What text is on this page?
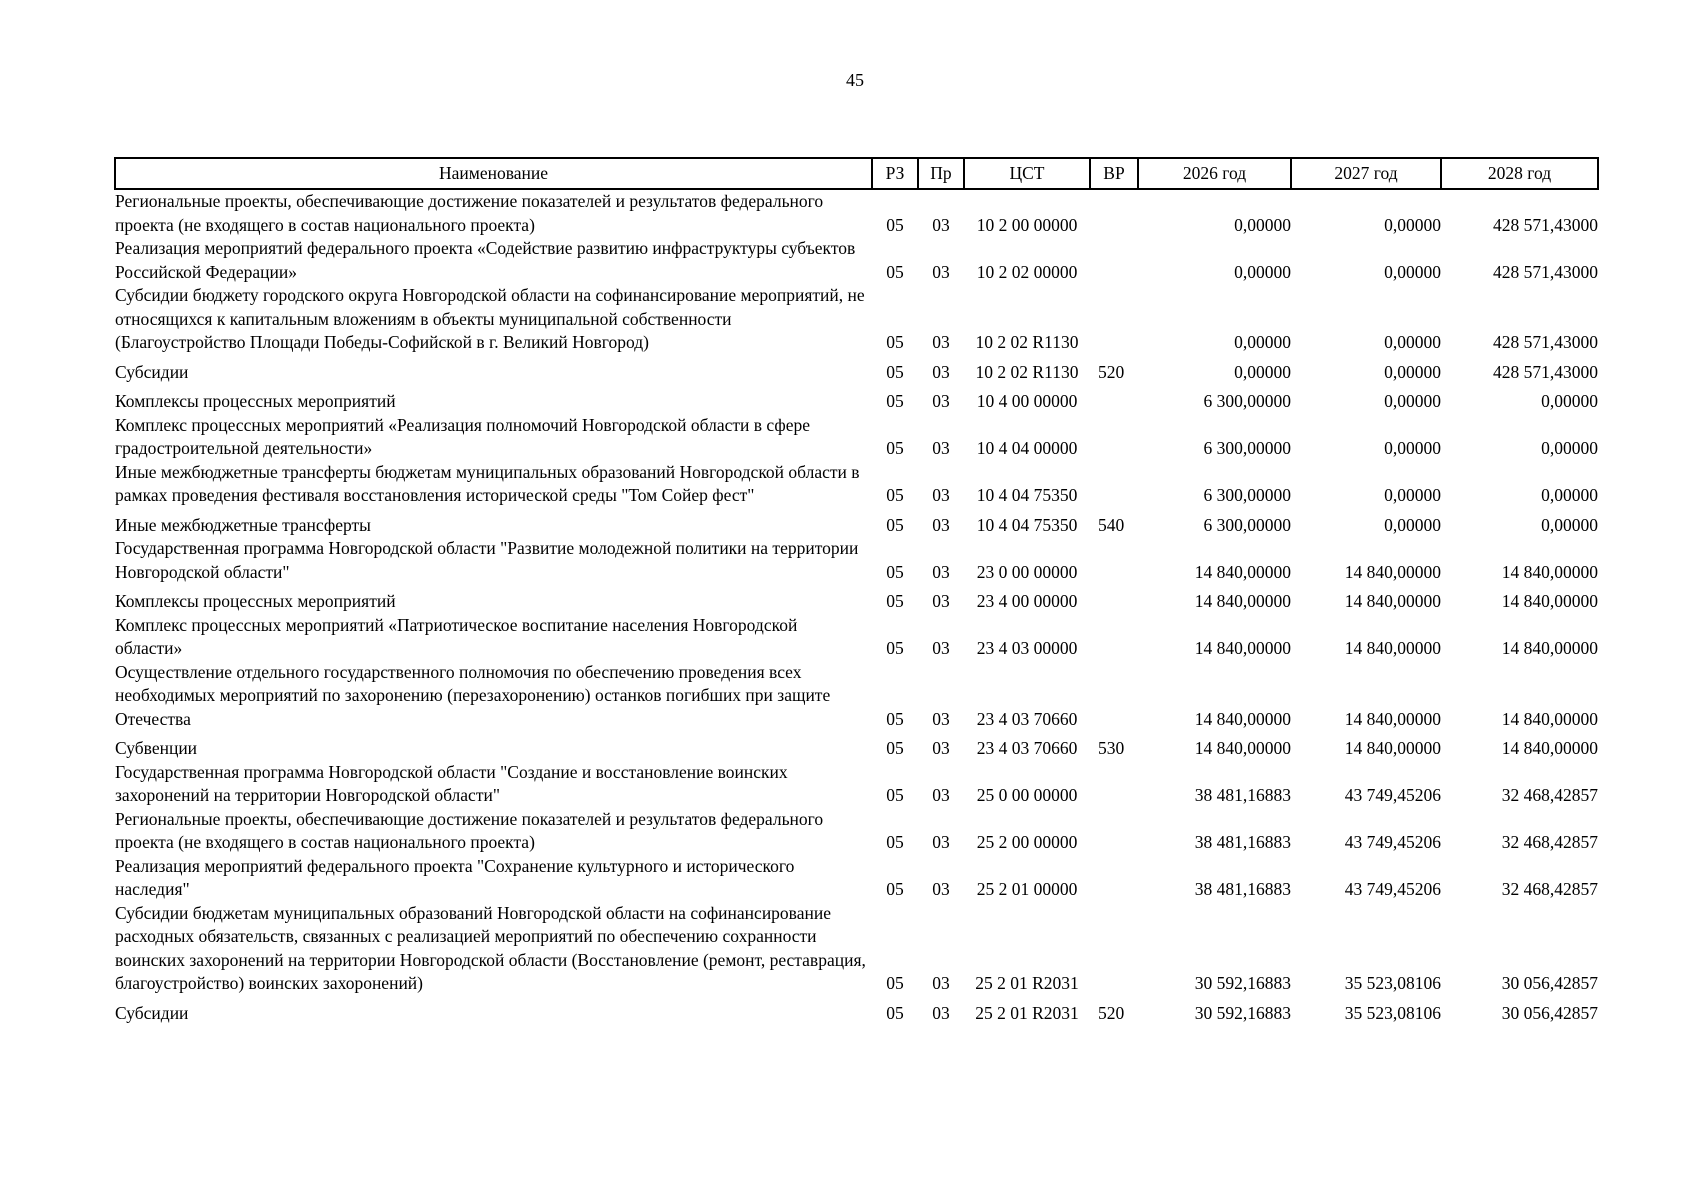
45
Наименование	РЗ	Пр	ЦСТ	ВР	2026 год	2027 год	2028 год
Региональные проекты, обеспечивающие достижение показателей и результатов федерального проекта (не входящего в состав национального проекта)	05	03	10 2 00 00000		0,00000	0,00000	428 571,43000
Реализация мероприятий федерального проекта «Содействие развитию инфраструктуры субъектов Российской Федерации»	05	03	10 2 02 00000		0,00000	0,00000	428 571,43000
Субсидии бюджету городского округа Новгородской области на софинансирование мероприятий, не относящихся к капитальным вложениям в объекты муниципальной собственности (Благоустройство Площади Победы-Софийской в г. Великий Новгород)	05	03	10 2 02 R1130		0,00000	0,00000	428 571,43000
Субсидии	05	03	10 2 02 R1130	520	0,00000	0,00000	428 571,43000
Комплексы процессных мероприятий	05	03	10 4 00 00000		6 300,00000	0,00000	0,00000
Комплекс процессных мероприятий «Реализация полномочий Новгородской области в сфере градостроительной деятельности»	05	03	10 4 04 00000		6 300,00000	0,00000	0,00000
Иные межбюджетные трансферты бюджетам муниципальных образований Новгородской области в рамках проведения фестиваля восстановления исторической среды "Том Сойер фест"	05	03	10 4 04 75350		6 300,00000	0,00000	0,00000
Иные межбюджетные трансферты	05	03	10 4 04 75350	540	6 300,00000	0,00000	0,00000
Государственная программа Новгородской области "Развитие молодежной политики на территории Новгородской области"	05	03	23 0 00 00000		14 840,00000	14 840,00000	14 840,00000
Комплексы процессных мероприятий	05	03	23 4 00 00000		14 840,00000	14 840,00000	14 840,00000
Комплекс процессных мероприятий «Патриотическое воспитание населения Новгородской области»	05	03	23 4 03 00000		14 840,00000	14 840,00000	14 840,00000
Осуществление отдельного государственного полномочия по обеспечению проведения всех необходимых мероприятий по захоронению (перезахоронению) останков погибших при защите Отечества	05	03	23 4 03 70660		14 840,00000	14 840,00000	14 840,00000
Субвенции	05	03	23 4 03 70660	530	14 840,00000	14 840,00000	14 840,00000
Государственная программа Новгородской области "Создание и восстановление воинских захоронений на территории Новгородской области"	05	03	25 0 00 00000		38 481,16883	43 749,45206	32 468,42857
Региональные проекты, обеспечивающие достижение показателей и результатов федерального проекта (не входящего в состав национального проекта)	05	03	25 2 00 00000		38 481,16883	43 749,45206	32 468,42857
Реализация мероприятий федерального проекта "Сохранение культурного и исторического наследия"	05	03	25 2 01 00000		38 481,16883	43 749,45206	32 468,42857
Субсидии бюджетам муниципальных образований Новгородской области на софинансирование расходных обязательств, связанных с реализацией мероприятий по обеспечению сохранности воинских захоронений на территории Новгородской области (Восстановление (ремонт, реставрация, благоустройство) воинских захоронений)	05	03	25 2 01 R2031		30 592,16883	35 523,08106	30 056,42857
Субсидии	05	03	25 2 01 R2031	520	30 592,16883	35 523,08106	30 056,42857
